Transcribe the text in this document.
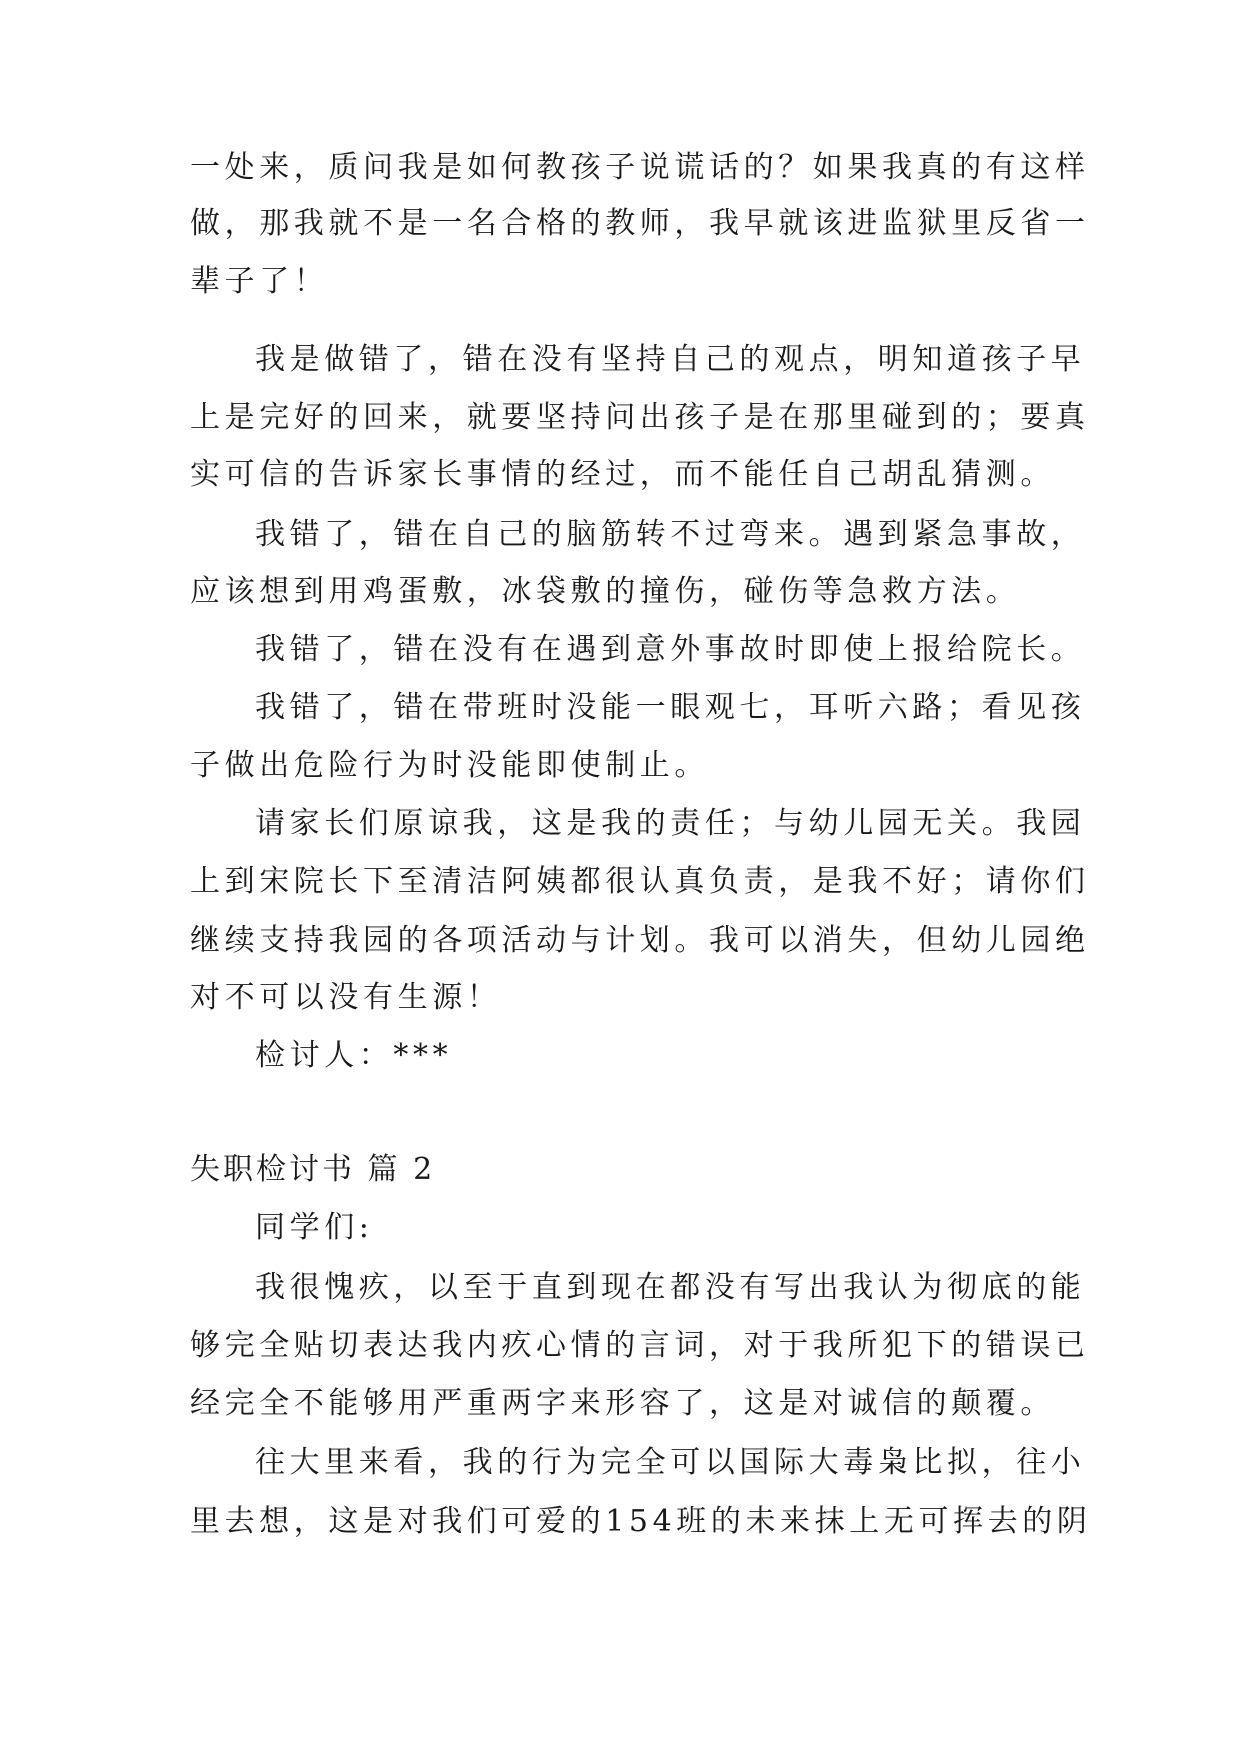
一处来，质问我是如何教孩子说谎话的？如果我真的有这样
做，那我就不是一名合格的教师，我早就该进监狱里反省一
辈子了！
我是做错了，错在没有坚持自己的观点，明知道孩子早
上是完好的回来，就要坚持问出孩子是在那里碰到的；要真
实可信的告诉家长事情的经过，而不能任自己胡乱猜测。
我错了，错在自己的脑筋转不过弯来。遇到紧急事故，
应该想到用鸡蛋敷，冰袋敷的撞伤，碰伤等急救方法。
我错了，错在没有在遇到意外事故时即使上报给院长。
我错了，错在带班时没能一眼观七，耳听六路；看见孩
子做出危险行为时没能即使制止。
请家长们原谅我，这是我的责任；与幼儿园无关。我园
上到宋院长下至清洁阿姨都很认真负责，是我不好；请你们
继续支持我园的各项活动与计划。我可以消失，但幼儿园绝
对不可以没有生源！
检讨人：***
失职检讨书 篇 2
同学们:
我很愧疚，以至于直到现在都没有写出我认为彻底的能
够完全贴切表达我内疚心情的言词，对于我所犯下的错误已
经完全不能够用严重两字来形容了，这是对诚信的颠覆。
往大里来看，我的行为完全可以国际大毒枭比拟，往小
里去想，这是对我们可爱的154班的未来抹上无可挥去的阴
